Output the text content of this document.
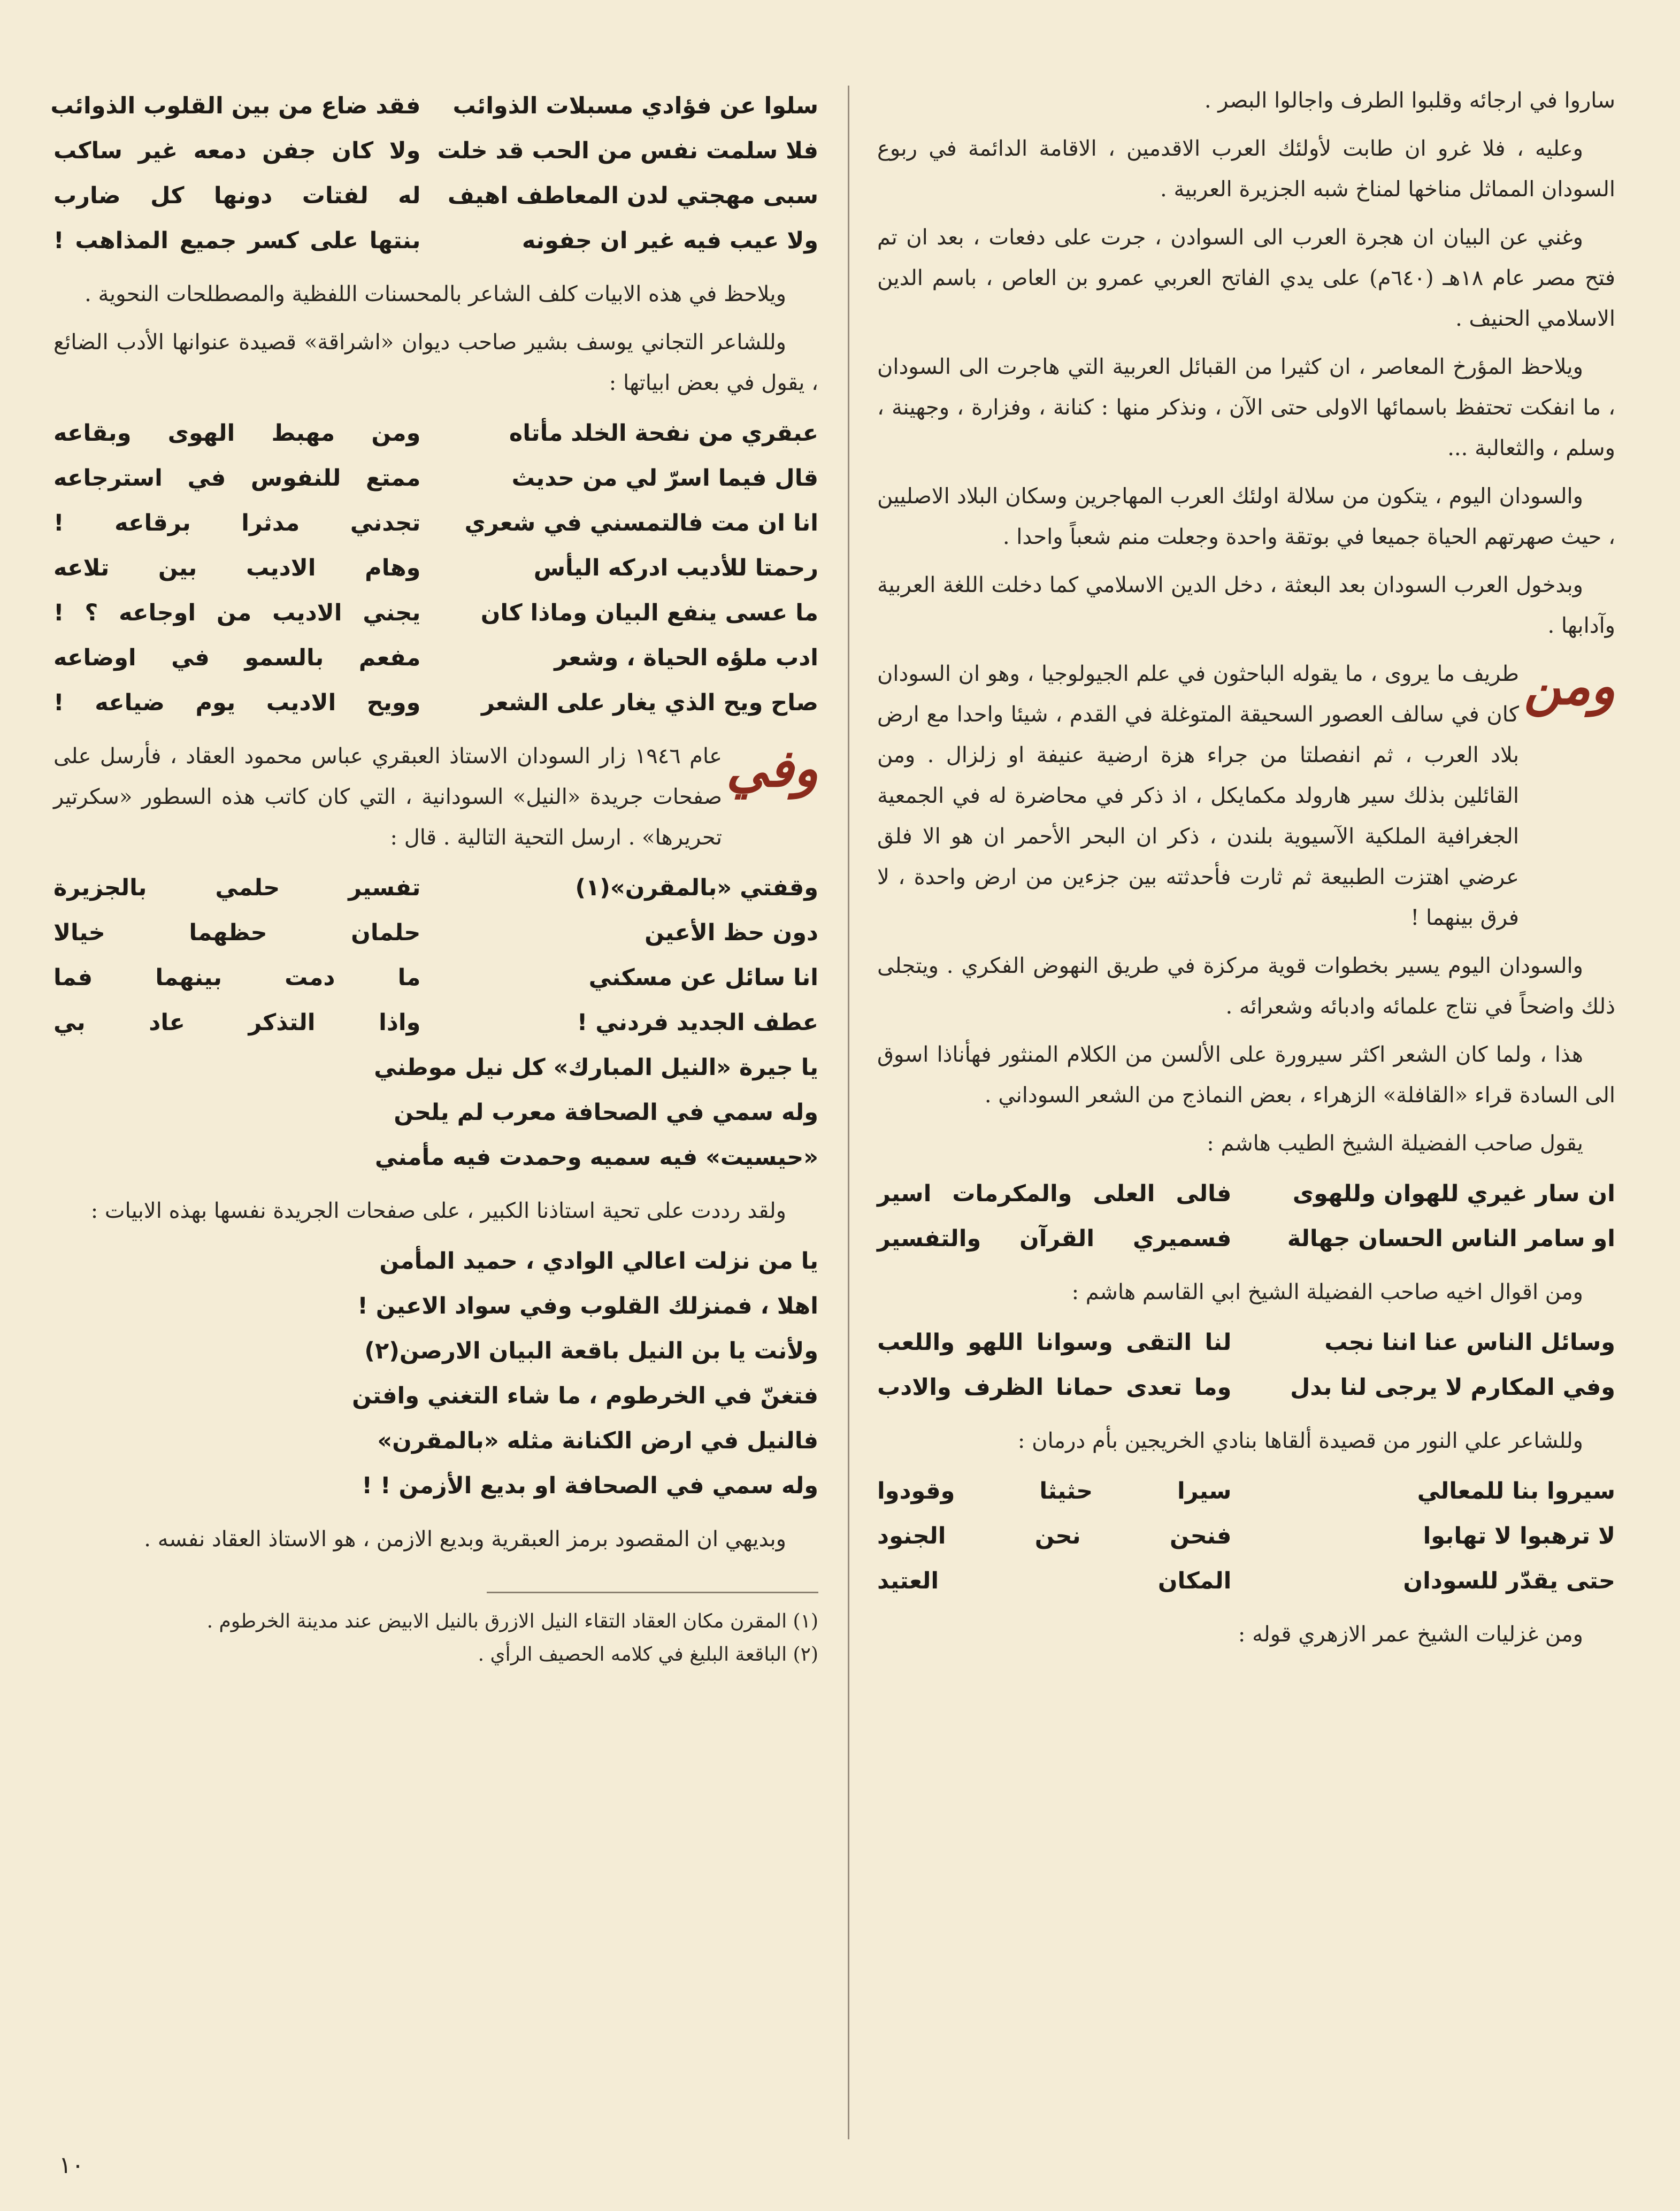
ساروا في ارجائه وقلبوا الطرف واجالوا البصر .

وعليه ، فلا غرو ان طابت لأولئك العرب الاقدمين ، الاقامة الدائمة في ربوع السودان المماثل مناخها لمناخ شبه الجزيرة العربية .

وغني عن البيان ان هجرة العرب الى السوادن ، جرت على دفعات ، بعد ان تم فتح مصر عام ١٨هـ (٦٤٠م) على يدي الفاتح العربي عمرو بن العاص ، باسم الدين الاسلامي الحنيف .

ويلاحظ المؤرخ المعاصر ، ان كثيرا من القبائل العربية التي هاجرت الى السودان ، ما انفكت تحتفظ باسمائها الاولى حتى الآن ، ونذكر منها : كنانة ، وفزارة ، وجهينة ، وسلم ، والثعالبة ...

والسودان اليوم ، يتكون من سلالة اولئك العرب المهاجرين وسكان البلاد الاصليين ، حيث صهرتهم الحياة جميعا في بوتقة واحدة وجعلت منم شعباً واحدا .

وبدخول العرب السودان بعد البعثة ، دخل الدين الاسلامي كما دخلت اللغة العربية وآدابها .

ومن

طريف ما يروى ، ما يقوله الباحثون في علم الجيولوجيا ، وهو ان السودان كان في سالف العصور السحيقة المتوغلة في القدم ، شيئا واحدا مع ارض بلاد العرب ، ثم انفصلتا من جراء هزة ارضية عنيفة او زلزال . ومن القائلين بذلك سير هارولد مكمايكل ، اذ ذكر في محاضرة له في الجمعية الجغرافية الملكية الآسيوية بلندن ، ذكر ان البحر الأحمر ان هو الا فلق عرضي اهتزت الطبيعة ثم ثارت فأحدثته بين جزءين من ارض واحدة ، لا فرق بينهما !

والسودان اليوم يسير بخطوات قوية مركزة في طريق النهوض الفكري . ويتجلى ذلك واضحاً في نتاج علمائه وادبائه وشعرائه .

هذا ، ولما كان الشعر اكثر سيرورة على الألسن من الكلام المنثور فهأناذا اسوق الى السادة قراء «القافلة» الزهراء ، بعض النماذج من الشعر السوداني .

يقول صاحب الفضيلة الشيخ الطيب هاشم :

ان سار غيري للهوان وللهوى
فالى العلى والمكرمات اسير
او سامر الناس الحسان جهالة
فسميري القرآن والتفسير

ومن اقوال اخيه صاحب الفضيلة الشيخ ابي القاسم هاشم :

وسائل الناس عنا اننا نجب
لنا التقى وسوانا اللهو واللعب
وفي المكارم لا يرجى لنا بدل
وما تعدى حمانا الظرف والادب

وللشاعر علي النور من قصيدة ألقاها بنادي الخريجين بأم درمان :

سيروا بنا للمعالي
سيرا حثيثا وقودوا
لا ترهبوا لا تهابوا
فنحن نحن الجنود
حتى يقدّر للسودان
المكان العتيد

ومن غزليات الشيخ عمر الازهري قوله :

سلوا عن فؤادي مسبلات الذوائب
فقد ضاع من بين القلوب الذوائب
فلا سلمت نفس من الحب قد خلت
ولا كان جفن دمعه غير ساكب
سبى مهجتي لدن المعاطف اهيف
له لفتات دونها كل ضارب
ولا عيب فيه غير ان جفونه
بنتها على كسر جميع المذاهب !

ويلاحظ في هذه الابيات كلف الشاعر بالمحسنات اللفظية والمصطلحات النحوية .

وللشاعر التجاني يوسف بشير صاحب ديوان «اشراقة» قصيدة عنوانها الأدب الضائع ، يقول في بعض ابياتها :

عبقري من نفحة الخلد مأتاه
ومن مهبط الهوى وبقاعه
قال فيما اسرّ لي من حديث
ممتع للنفوس في استرجاعه
انا ان مت فالتمسني في شعري
تجدني مدثرا برقاعه !
رحمتا للأديب ادركه اليأس
وهام الاديب بين تلاعه
ما عسى ينفع البيان وماذا كان
يجني الاديب من اوجاعه ؟ !
ادب ملؤه الحياة ، وشعر
مفعم بالسمو في اوضاعه
صاح ويح الذي يغار على الشعر
وويح الاديب يوم ضياعه !
وفي

عام ١٩٤٦ زار السودان الاستاذ العبقري عباس محمود العقاد ، فأرسل على صفحات جريدة «النيل» السودانية ، التي كان كاتب هذه السطور «سكرتير تحريرها» . ارسل التحية التالية . قال :

وقفتي «بالمقرن»(١)
تفسير حلمي بالجزيرة
دون حظ الأعين
حلمان حظهما خيالا
انا سائل عن مسكني
ما دمت بينهما فما
عطف الجديد فردني !
واذا التذكر عاد بي
يا جيرة «النيل المبارك» كل نيل موطني
وله سمي في الصحافة معرب لم يلحن
«حيسيت» فيه سميه وحمدت فيه مأمني

ولقد رددت على تحية استاذنا الكبير ، على صفحات الجريدة نفسها بهذه الابيات :

يا من نزلت اعالي الوادي ، حميد المأمن
اهلا ، فمنزلك القلوب وفي سواد الاعين !
ولأنت يا بن النيل باقعة البيان الارصن(٢)
فتغنّ في الخرطوم ، ما شاء التغني وافتن
فالنيل في ارض الكنانة مثله «بالمقرن»
وله سمي في الصحافة او بديع الأزمن ! !

وبديهي ان المقصود برمز العبقرية وبديع الازمن ، هو الاستاذ العقاد نفسه .

(١) المقرن مكان العقاد التقاء النيل الازرق بالنيل الابيض عند مدينة الخرطوم .

(٢) الباقعة البليغ في كلامه الحصيف الرأي .

١٠
